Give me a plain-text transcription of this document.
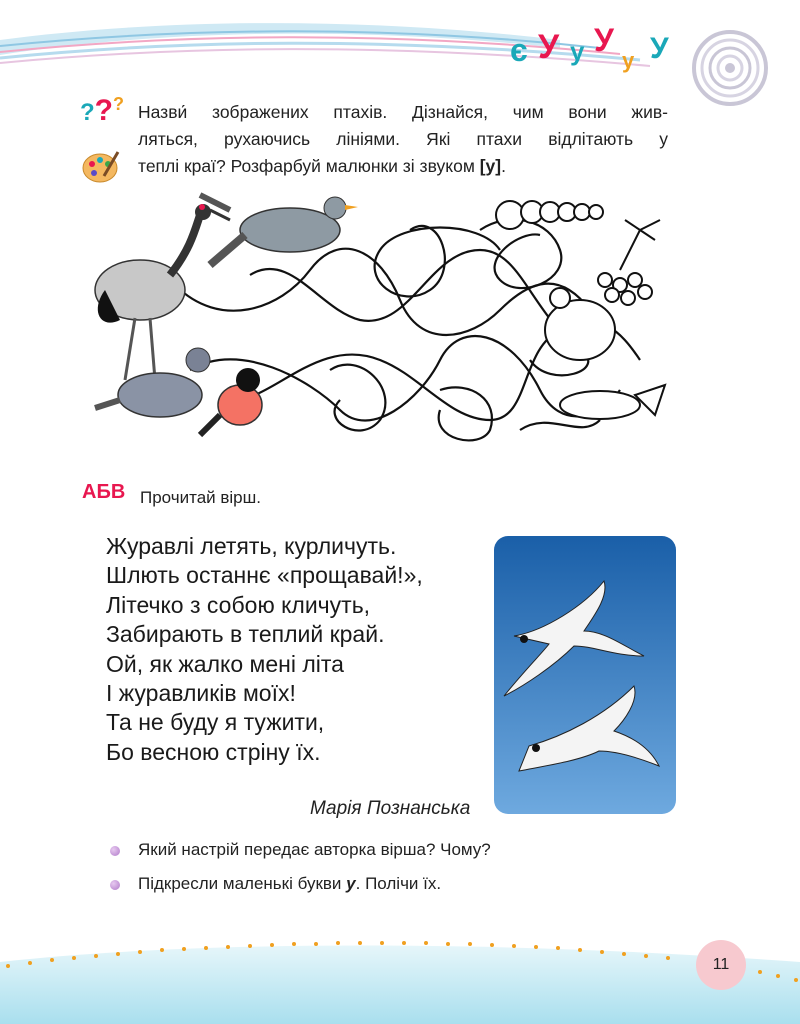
є У у У
у У
??? Назви́ зображених птахів. Дізнайся, чим вони жив-
ляться, рухаючись лініями. Які птахи відлітають у
теплі краї? Розфарбуй малюнки зі звуком [у].
АБВ Прочитай вірш.
Журавлі летять, курличуть.
Шлють останнє «прощавай!»,
Літечко з собою кличуть,
Забирають в теплий край.
Ой, як жалко мені літа
І журавликів моїх!
Та не буду я тужити,
Бо весною стріну їх.
Марія Познанська
Який настрій передає авторка вірша? Чому?
Підкресли маленькі букви у. Полічи їх.
11
